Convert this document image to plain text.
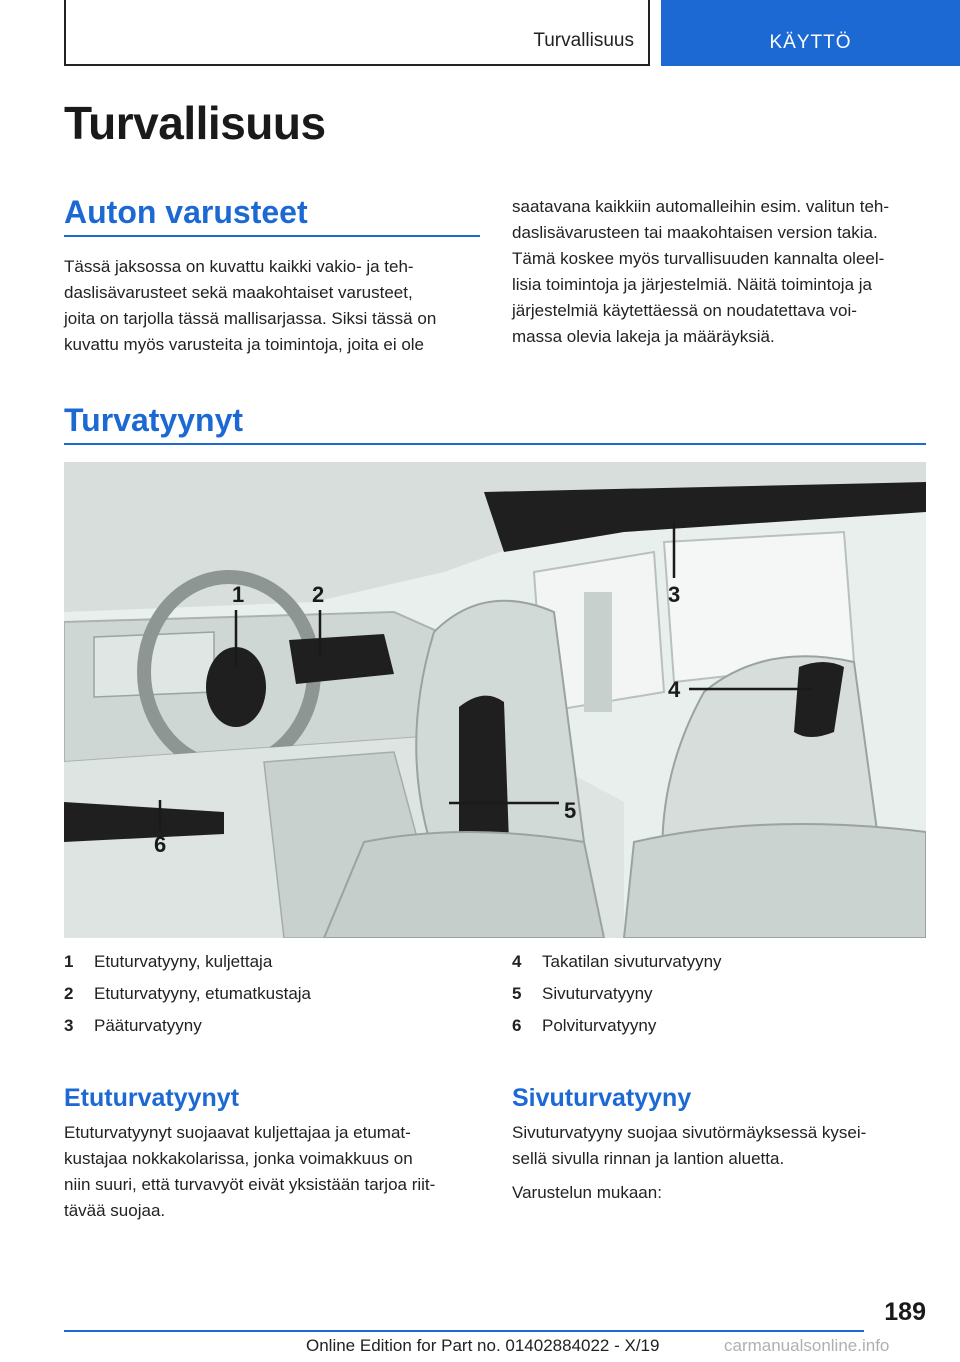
Turvallisuus	KÄYTTÖ
Turvallisuus
Auton varusteet
Tässä jaksossa on kuvattu kaikki vakio- ja teh-
daslisävarusteet sekä maakohtaiset varusteet,
joita on tarjolla tässä mallisarjassa. Siksi tässä on
kuvattu myös varusteita ja toimintoja, joita ei ole
saatavana kaikkiin automalleihin esim. valitun teh-
daslisävarusteen tai maakohtaisen version takia.
Tämä koskee myös turvallisuuden kannalta oleel-
lisia toimintoja ja järjestelmiä. Näitä toimintoja ja
järjestelmiä käytettäessä on noudatettava voi-
massa olevia lakeja ja määräyksiä.
Turvatyynyt
1	2	3
4
5
6
1 Etuturvatyyny, kuljettaja
2 Etuturvatyyny, etumatkustaja
3 Pääturvatyyny
4 Takatilan sivuturvatyyny
5 Sivuturvatyyny
6 Polviturvatyyny
Etuturvatyynyt
Etuturvatyynyt suojaavat kuljettajaa ja etumat-
kustajaa nokkakolarissa, jonka voimakkuus on
niin suuri, että turvavyöt eivät yksistään tarjoa riit-
tävää suojaa.
Sivuturvatyyny
Sivuturvatyyny suojaa sivutörmäyksessä kysei-
sellä sivulla rinnan ja lantion aluetta.
Varustelun mukaan:
189
Online Edition for Part no. 01402884022 - X/19	carmanualsonline.info
